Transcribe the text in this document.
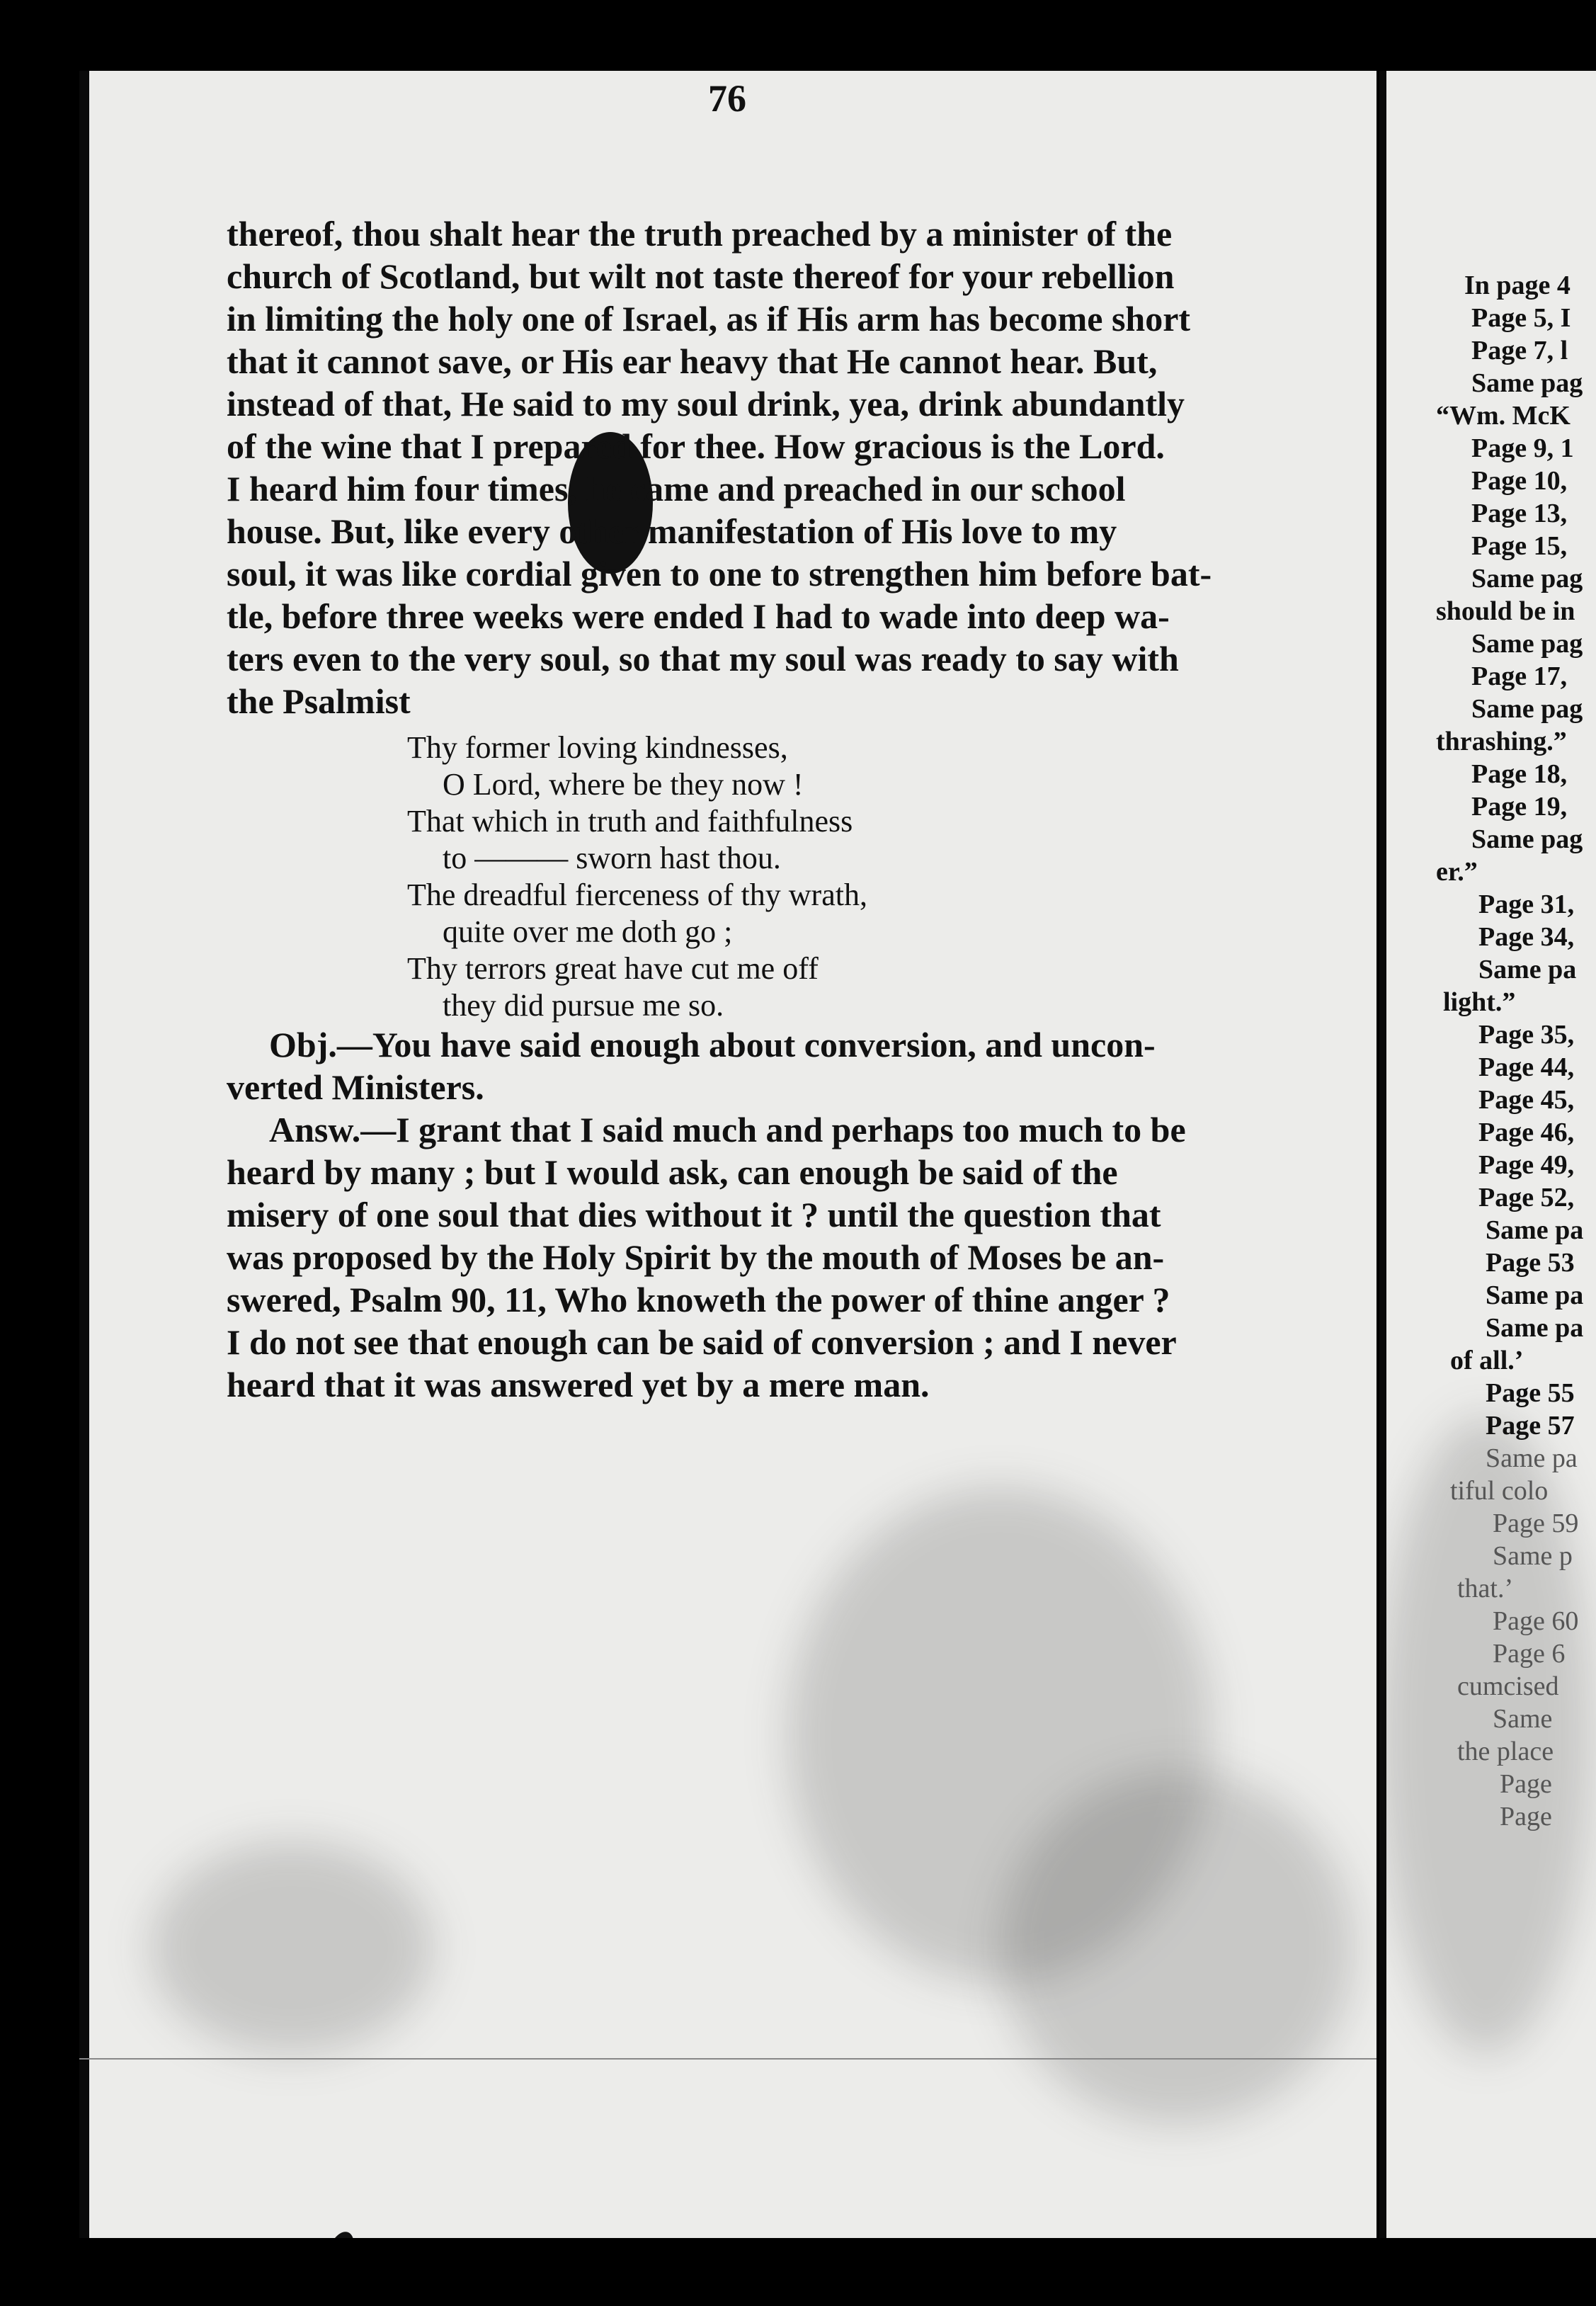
In page 4
Page 5, I
Page 7, l
Same pag
“Wm. McK
Page 9, 1
Page 10,
Page 13,
Page 15,
Same pag
should be in
Same pag
Page 17,
Same pag
thrashing.”
Page 18,
Page 19,
Same pag
er.”
Page 31,
Page 34,
Same pa
light.”
Page 35,
Page 44,
Page 45,
Page 46,
Page 49,
Page 52,
Same pa
Page 53
Same pa
Same pa
of all.’
Page 55
Page 57
Same pa
tiful colo
Page 59
Same p
that.’
Page 60
Page 6
cumcised
Same
the place
Page
Page
76
thereof, thou shalt hear the truth preached by a minister of the
church of Scotland, but wilt not taste thereof for your rebellion
in limiting the holy one of Israel, as if His arm has become short
that it cannot save, or His ear heavy that He cannot hear. But,
instead of that, He said to my soul drink, yea, drink abundantly
of the wine that I prepared for thee. How gracious is the Lord.
I heard him four times, he came and preached in our school
house. But, like every other manifestation of His love to my
soul, it was like cordial given to one to strengthen him before bat-
tle, before three weeks were ended I had to wade into deep wa-
ters even to the very soul, so that my soul was ready to say with
the Psalmist
Thy former loving kindnesses,
O Lord, where be they now !
That which in truth and faithfulness
to ——— sworn hast thou.
The dreadful fierceness of thy wrath,
quite over me doth go ;
Thy terrors great have cut me off
they did pursue me so.
Obj.—You have said enough about conversion, and uncon-
verted Ministers.
Answ.—I grant that I said much and perhaps too much to be
heard by many ; but I would ask, can enough be said of the
misery of one soul that dies without it ? until the question that
was proposed by the Holy Spirit by the mouth of Moses be an-
swered, Psalm 90, 11, Who knoweth the power of thine anger ?
I do not see that enough can be said of conversion ; and I never
heard that it was answered yet by a mere man.
